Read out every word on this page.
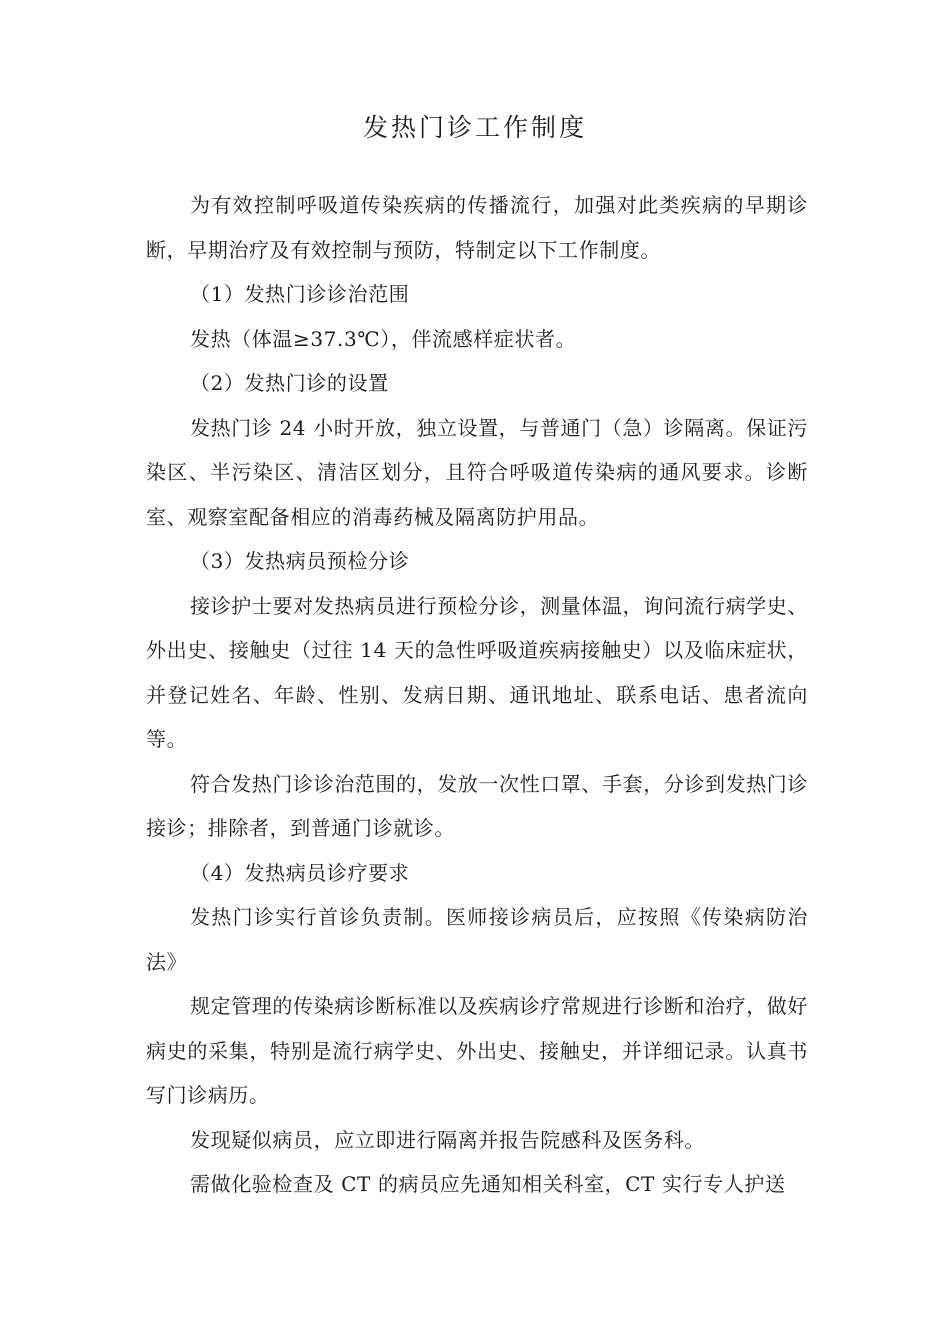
发热门诊工作制度

为有效控制呼吸道传染疾病的传播流行，加强对此类疾病的早期诊断，早期治疗及有效控制与预防，特制定以下工作制度。

（1）发热门诊诊治范围

发热（体温≥37.3℃），伴流感样症状者。

（2）发热门诊的设置

发热门诊 24 小时开放，独立设置，与普通门（急）诊隔离。保证污染区、半污染区、清洁区划分，且符合呼吸道传染病的通风要求。诊断室、观察室配备相应的消毒药械及隔离防护用品。

（3）发热病员预检分诊

接诊护士要对发热病员进行预检分诊，测量体温，询问流行病学史、外出史、接触史（过往 14 天的急性呼吸道疾病接触史）以及临床症状，并登记姓名、年龄、性别、发病日期、通讯地址、联系电话、患者流向等。

符合发热门诊诊治范围的，发放一次性口罩、手套，分诊到发热门诊接诊；排除者，到普通门诊就诊。

（4）发热病员诊疗要求

发热门诊实行首诊负责制。医师接诊病员后，应按照《传染病防治法》

规定管理的传染病诊断标准以及疾病诊疗常规进行诊断和治疗，做好病史的采集，特别是流行病学史、外出史、接触史，并详细记录。认真书写门诊病历。

发现疑似病员，应立即进行隔离并报告院感科及医务科。

需做化验检查及 CT 的病员应先通知相关科室，CT 实行专人护送
